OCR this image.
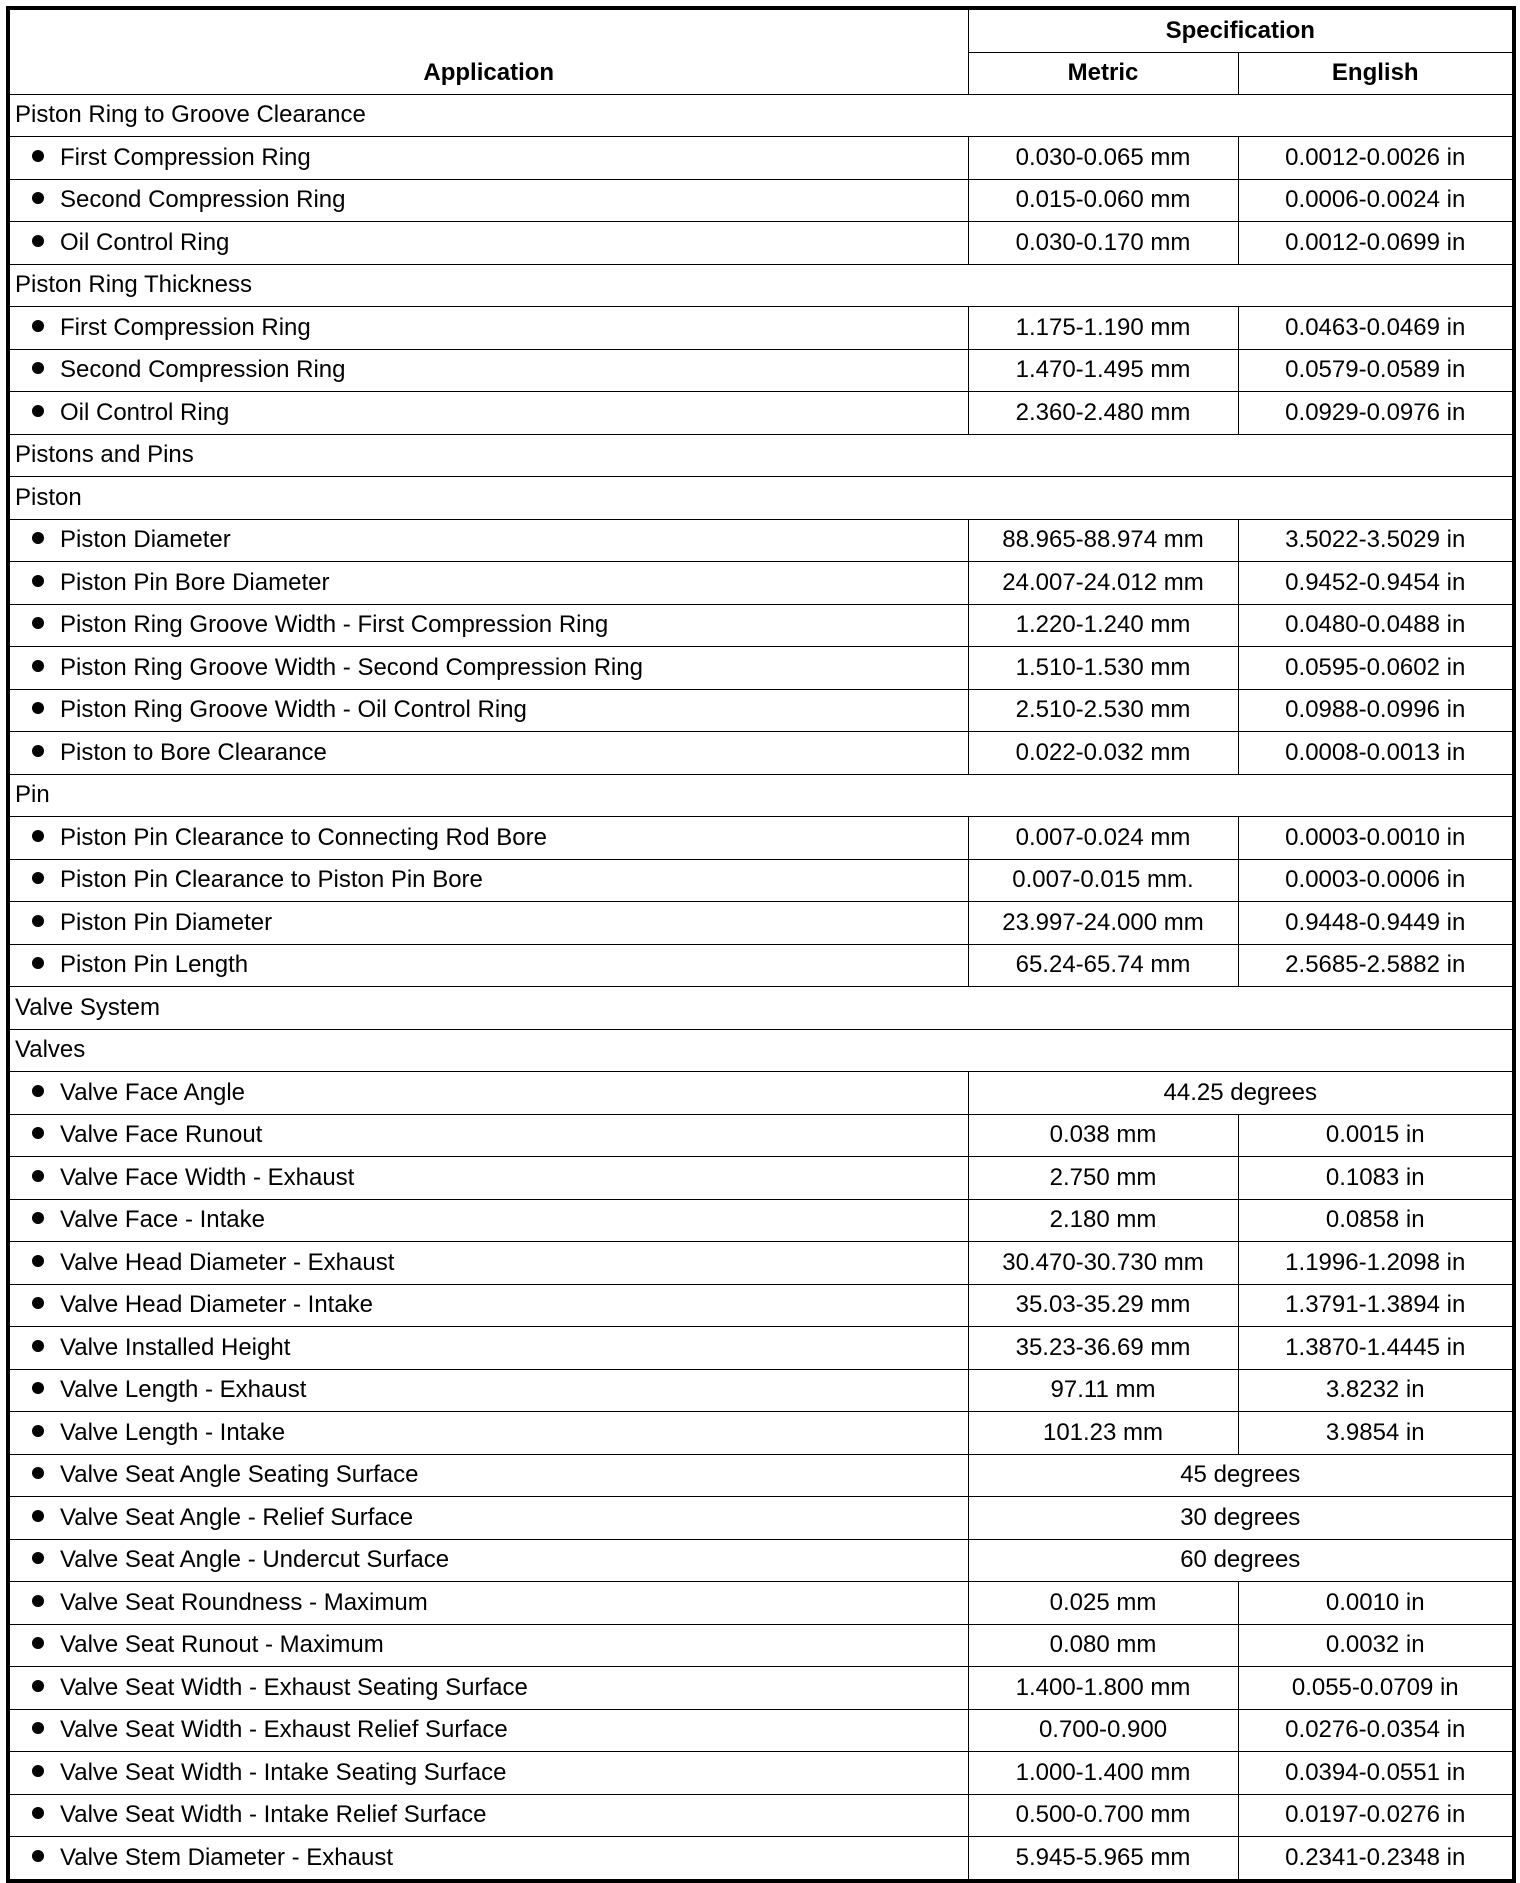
Application	Specification	
	Metric	English
Piston Ring to Groove Clearance		
First Compression Ring	0.030-0.065 mm	0.0012-0.0026 in
Second Compression Ring	0.015-0.060 mm	0.0006-0.0024 in
Oil Control Ring	0.030-0.170 mm	0.0012-0.0699 in
Piston Ring Thickness		
First Compression Ring	1.175-1.190 mm	0.0463-0.0469 in
Second Compression Ring	1.470-1.495 mm	0.0579-0.0589 in
Oil Control Ring	2.360-2.480 mm	0.0929-0.0976 in
Pistons and Pins		
Piston		
Piston Diameter	88.965-88.974 mm	3.5022-3.5029 in
Piston Pin Bore Diameter	24.007-24.012 mm	0.9452-0.9454 in
Piston Ring Groove Width - First Compression Ring	1.220-1.240 mm	0.0480-0.0488 in
Piston Ring Groove Width - Second Compression Ring	1.510-1.530 mm	0.0595-0.0602 in
Piston Ring Groove Width - Oil Control Ring	2.510-2.530 mm	0.0988-0.0996 in
Piston to Bore Clearance	0.022-0.032 mm	0.0008-0.0013 in
Pin		
Piston Pin Clearance to Connecting Rod Bore	0.007-0.024 mm	0.0003-0.0010 in
Piston Pin Clearance to Piston Pin Bore	0.007-0.015 mm.	0.0003-0.0006 in
Piston Pin Diameter	23.997-24.000 mm	0.9448-0.9449 in
Piston Pin Length	65.24-65.74 mm	2.5685-2.5882 in
Valve System		
Valves		
Valve Face Angle	44.25 degrees	
Valve Face Runout	0.038 mm	0.0015 in
Valve Face Width - Exhaust	2.750 mm	0.1083 in
Valve Face - Intake	2.180 mm	0.0858 in
Valve Head Diameter - Exhaust	30.470-30.730 mm	1.1996-1.2098 in
Valve Head Diameter - Intake	35.03-35.29 mm	1.3791-1.3894 in
Valve Installed Height	35.23-36.69 mm	1.3870-1.4445 in
Valve Length - Exhaust	97.11 mm	3.8232 in
Valve Length - Intake	101.23 mm	3.9854 in
Valve Seat Angle Seating Surface	45 degrees	
Valve Seat Angle - Relief Surface	30 degrees	
Valve Seat Angle - Undercut Surface	60 degrees	
Valve Seat Roundness - Maximum	0.025 mm	0.0010 in
Valve Seat Runout - Maximum	0.080 mm	0.0032 in
Valve Seat Width - Exhaust Seating Surface	1.400-1.800 mm	0.055-0.0709 in
Valve Seat Width - Exhaust Relief Surface	0.700-0.900	0.0276-0.0354 in
Valve Seat Width - Intake Seating Surface	1.000-1.400 mm	0.0394-0.0551 in
Valve Seat Width - Intake Relief Surface	0.500-0.700 mm	0.0197-0.0276 in
Valve Stem Diameter - Exhaust	5.945-5.965 mm	0.2341-0.2348 in
